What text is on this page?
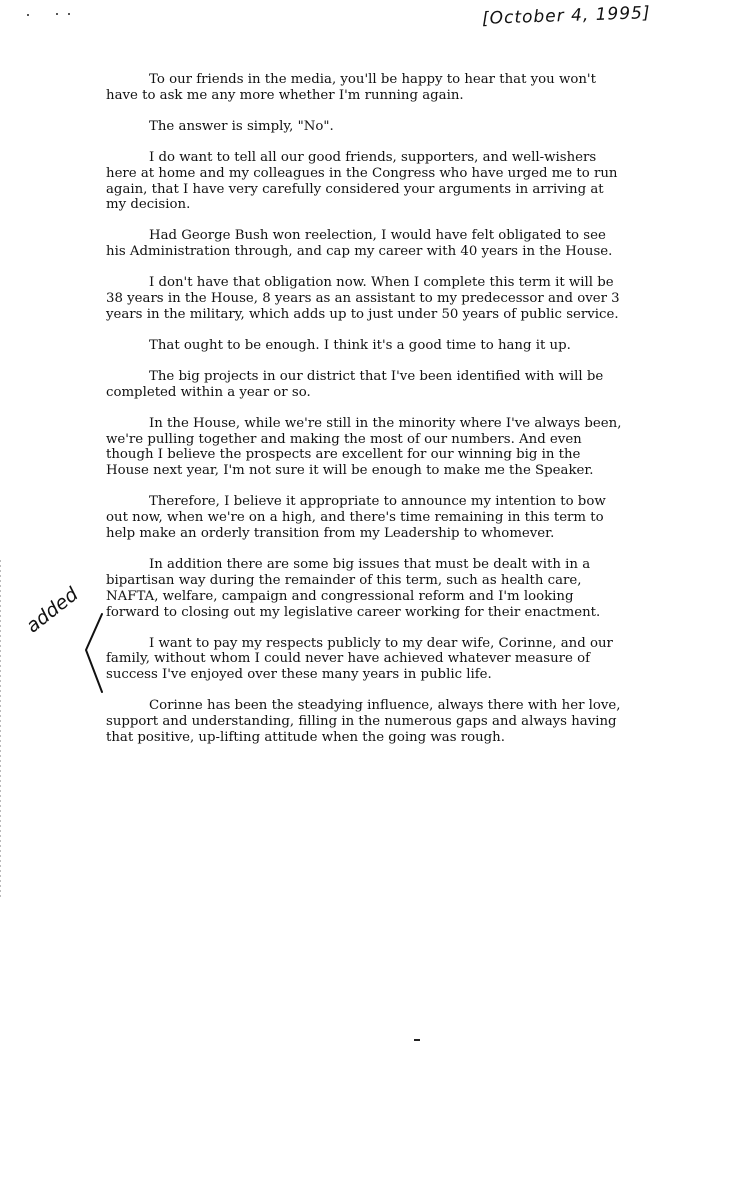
[October 4, 1995]

To our friends in the media, you'll be happy to hear that you won't have to ask me any more whether I'm running again.

The answer is simply, "No".

I do want to tell all our good friends, supporters, and well-wishers here at home and my colleagues in the Congress who have urged me to run again, that I have very carefully considered your arguments in arriving at my decision.

Had George Bush won reelection, I would have felt obligated to see his Administration through, and cap my career with 40 years in the House.

I don't have that obligation now. When I complete this term it will be 38 years in the House, 8 years as an assistant to my predecessor and over 3 years in the military, which adds up to just under 50 years of public service.

That ought to be enough. I think it's a good time to hang it up.

The big projects in our district that I've been identified with will be completed within a year or so.

In the House, while we're still in the minority where I've always been, we're pulling together and making the most of our numbers. And even though I believe the prospects are excellent for our winning big in the House next year, I'm not sure it will be enough to make me the Speaker.

Therefore, I believe it appropriate to announce my intention to bow out now, when we're on a high, and there's time remaining in this term to help make an orderly transition from my Leadership to whomever.

In addition there are some big issues that must be dealt with in a bipartisan way during the remainder of this term, such as health care, NAFTA, welfare, campaign and congressional reform and I'm looking forward to closing out my legislative career working for their enactment.

I want to pay my respects publicly to my dear wife, Corinne, and our family, without whom I could never have achieved whatever measure of success I've enjoyed over these many years in public life.

Corinne has been the steadying influence, always there with her love, support and understanding, filling in the numerous gaps and always having that positive, up-lifting attitude when the going was rough.

added
